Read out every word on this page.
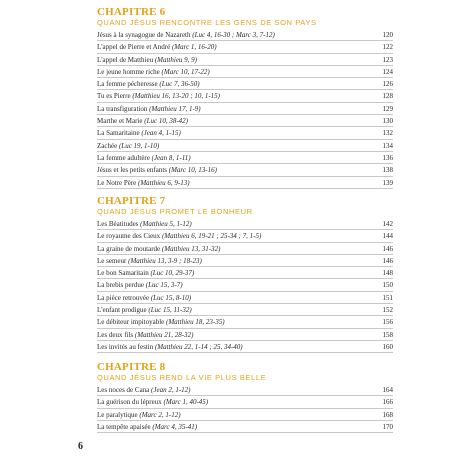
CHAPITRE 6
QUAND JÉSUS RENCONTRE LES GENS DE SON PAYS
Jésus à la synagogue de Nazareth (Luc 4, 16-30 ; Marc 3, 7-12)	120
L'appel de Pierre et André (Marc 1, 16-20)	122
L'appel de Matthieu (Matthieu 9, 9)	123
Le jeune homme riche (Marc 10, 17-22)	124
La femme pécheresse (Luc 7, 36-50)	126
Tu es Pierre (Matthieu 16, 13-20 ; 10, 1-15)	128
La transfiguration (Matthieu 17, 1-9)	129
Marthe et Marie (Luc 10, 38-42)	130
La Samaritaine (Jean 4, 1-15)	132
Zachée (Luc 19, 1-10)	134
La femme adultère (Jean 8, 1-11)	136
Jésus et les petits enfants (Marc 10, 13-16)	138
Le Notre Père (Matthieu 6, 9-13)	139
CHAPITRE 7
QUAND JÉSUS PROMET LE BONHEUR
Les Béatitudes (Matthieu 5, 1-12)	142
Le royaume des Cieux (Matthieu 6, 19-21 ; 25-34 ; 7, 1-5)	144
La graine de moutarde (Matthieu 13, 31-32)	146
Le semeur (Matthieu 13, 3-9 ; 18-23)	146
Le bon Samaritain (Luc 10, 29-37)	148
La brebis perdue (Luc 15, 3-7)	150
La pièce retrouvée (Luc 15, 8-10)	151
L'enfant prodigue (Luc 15, 11-32)	152
Le débiteur impitoyable (Matthieu 18, 23-35)	156
Les deux fils (Matthieu 21, 28-32)	158
Les invités au festin (Matthieu 22, 1-14 ; 25, 34-40)	160
CHAPITRE 8
QUAND JÉSUS REND LA VIE PLUS BELLE
Les noces de Cana (Jean 2, 1-12)	164
La guérison du lépreux (Marc 1, 40-45)	166
Le paralytique (Marc 2, 1-12)	168
La tempête apaisée (Marc 4, 35-41)	170
6
